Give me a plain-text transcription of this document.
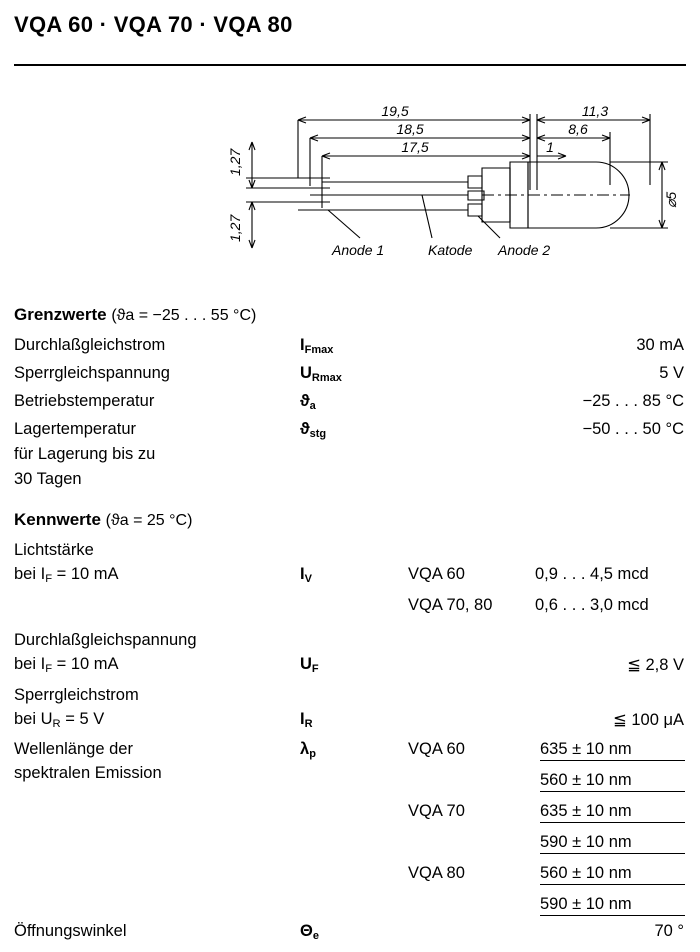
VQA 60 · VQA 70 · VQA 80
19,5
18,5
17,5
11,3
8,6
1
1,27
1,27
⌀5
Anode 1	Katode Anode 2
Grenzwerte (ϑa = −25 . . . 55 °C)
Durchlaßgleichstrom	$I_{Fmax}$	30 mA
Sperrgleichspannung	$U_{Rmax}$	5 V
Betriebstemperatur	$ϑ_a$	−25 . . . 85 °C
Lagertemperatur	$ϑ_{stg}$	−50 . . . 50 °C
für Lagerung bis zu
30 Tagen
Kennwerte (ϑa = 25 °C)
Lichtstärke
bei $I_F = 10$ mA	$I_V$	VQA 60	0,9 . . . 4,5 mcd
VQA 70, 80	0,6 . . . 3,0 mcd
Durchlaßgleichspannung
bei $I_F = 10$ mA	$U_F$	≦ 2,8 V
Sperrgleichstrom
bei $U_R = 5$ V	$I_R$	≦ 100 μA
Wellenlänge der
spektralen Emission
$\lambda_p$	VQA 60	635 ± 10 nm
560 ± 10 nm
VQA 70	635 ± 10 nm
590 ± 10 nm
VQA 80	560 ± 10 nm
590 ± 10 nm
Öffnungswinkel	$\Theta_e$	70 °
